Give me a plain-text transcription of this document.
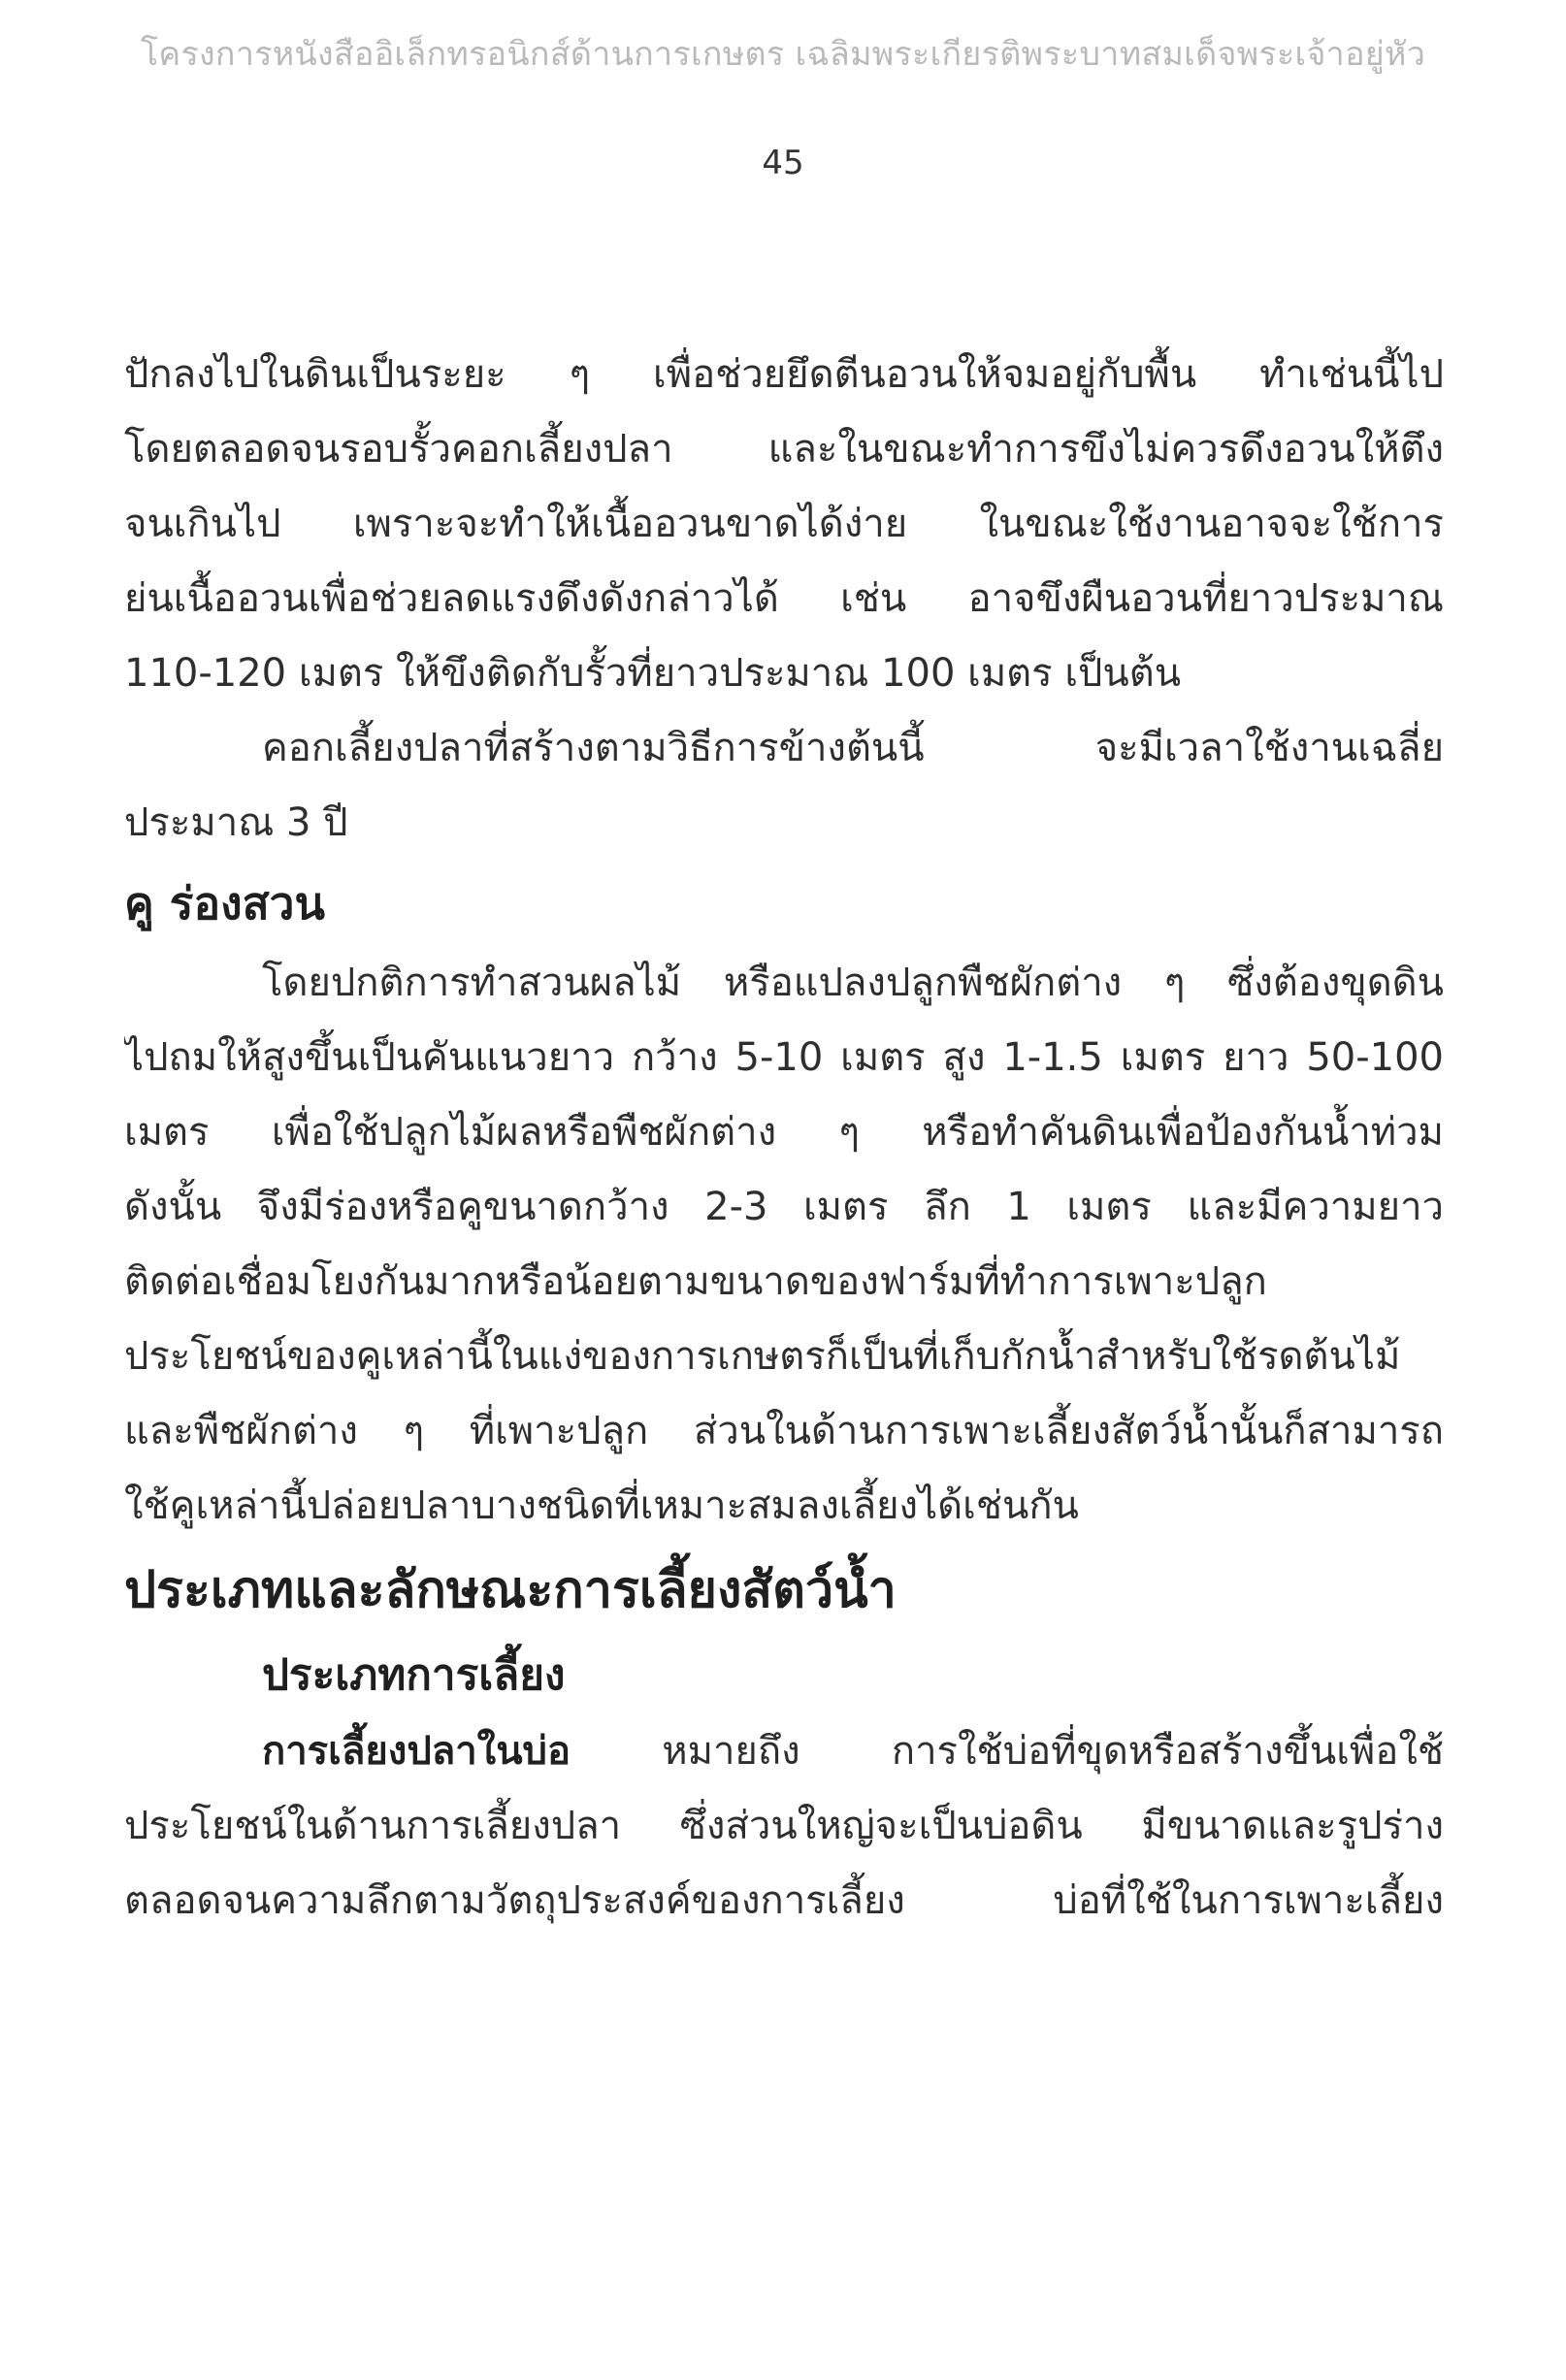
โครงการหนังสืออิเล็กทรอนิกส์ด้านการเกษตร เฉลิมพระเกียรติพระบาทสมเด็จพระเจ้าอยู่หัว
45
ปักลงไปในดินเป็นระยะ ๆ เพื่อช่วยยึดตีนอวนให้จมอยู่กับพื้น ทำเช่นนี้ไป
โดยตลอดจนรอบรั้วคอกเลี้ยงปลา และในขณะทำการขึงไม่ควรดึงอวนให้ตึง
จนเกินไป เพราะจะทำให้เนื้ออวนขาดได้ง่าย ในขณะใช้งานอาจจะใช้การ
ย่นเนื้ออวนเพื่อช่วยลดแรงดึงดังกล่าวได้ เช่น อาจขึงผืนอวนที่ยาวประมาณ
110-120 เมตร ให้ขึงติดกับรั้วที่ยาวประมาณ 100 เมตร เป็นต้น
คอกเลี้ยงปลาที่สร้างตามวิธีการข้างต้นนี้ จะมีเวลาใช้งานเฉลี่ย
ประมาณ 3 ปี
คู ร่องสวน
โดยปกติการทำสวนผลไม้ หรือแปลงปลูกพืชผักต่าง ๆ ซึ่งต้องขุดดิน
ไปถมให้สูงขึ้นเป็นคันแนวยาว กว้าง 5-10 เมตร สูง 1-1.5 เมตร ยาว 50-100
เมตร เพื่อใช้ปลูกไม้ผลหรือพืชผักต่าง ๆ หรือทำคันดินเพื่อป้องกันน้ำท่วม
ดังนั้น จึงมีร่องหรือคูขนาดกว้าง 2-3 เมตร ลึก 1 เมตร และมีความยาว
ติดต่อเชื่อมโยงกันมากหรือน้อยตามขนาดของฟาร์มที่ทำการเพาะปลูก
ประโยชน์ของคูเหล่านี้ในแง่ของการเกษตรก็เป็นที่เก็บกักน้ำสำหรับใช้รดต้นไม้
และพืชผักต่าง ๆ ที่เพาะปลูก ส่วนในด้านการเพาะเลี้ยงสัตว์น้ำนั้นก็สามารถ
ใช้คูเหล่านี้ปล่อยปลาบางชนิดที่เหมาะสมลงเลี้ยงได้เช่นกัน
ประเภทและลักษณะการเลี้ยงสัตว์น้ำ
ประเภทการเลี้ยง
การเลี้ยงปลาในบ่อ หมายถึง การใช้บ่อที่ขุดหรือสร้างขึ้นเพื่อใช้
ประโยชน์ในด้านการเลี้ยงปลา ซึ่งส่วนใหญ่จะเป็นบ่อดิน มีขนาดและรูปร่าง
ตลอดจนความลึกตามวัตถุประสงค์ของการเลี้ยง บ่อที่ใช้ในการเพาะเลี้ยง
